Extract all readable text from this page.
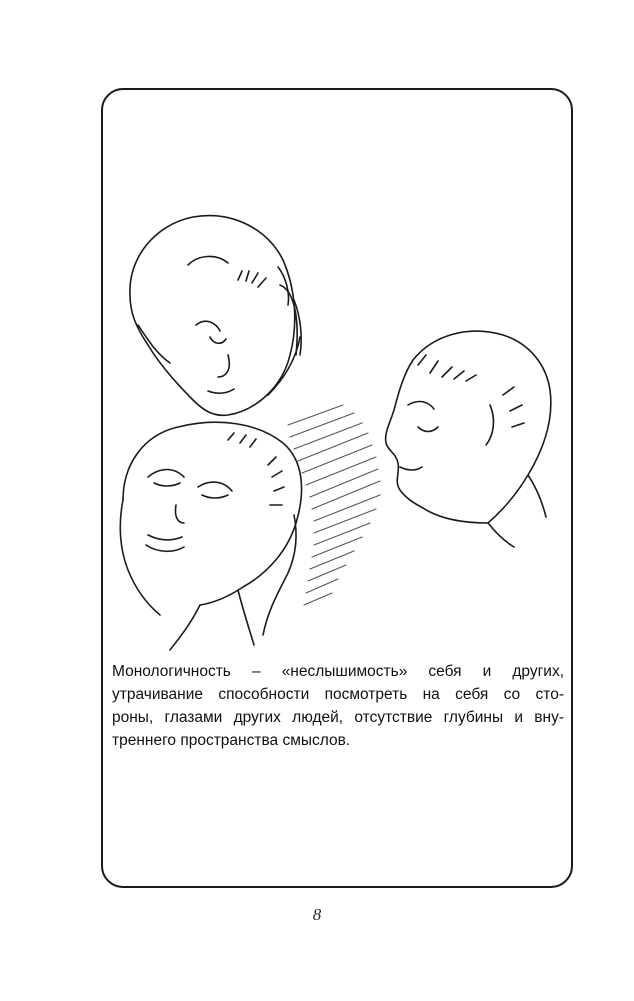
Монологичность – «неслышимость» себя и других,
утрачивание способности посмотреть на себя со сто-
роны, глазами других людей, отсутствие глубины и вну-
треннего пространства смыслов.
8
